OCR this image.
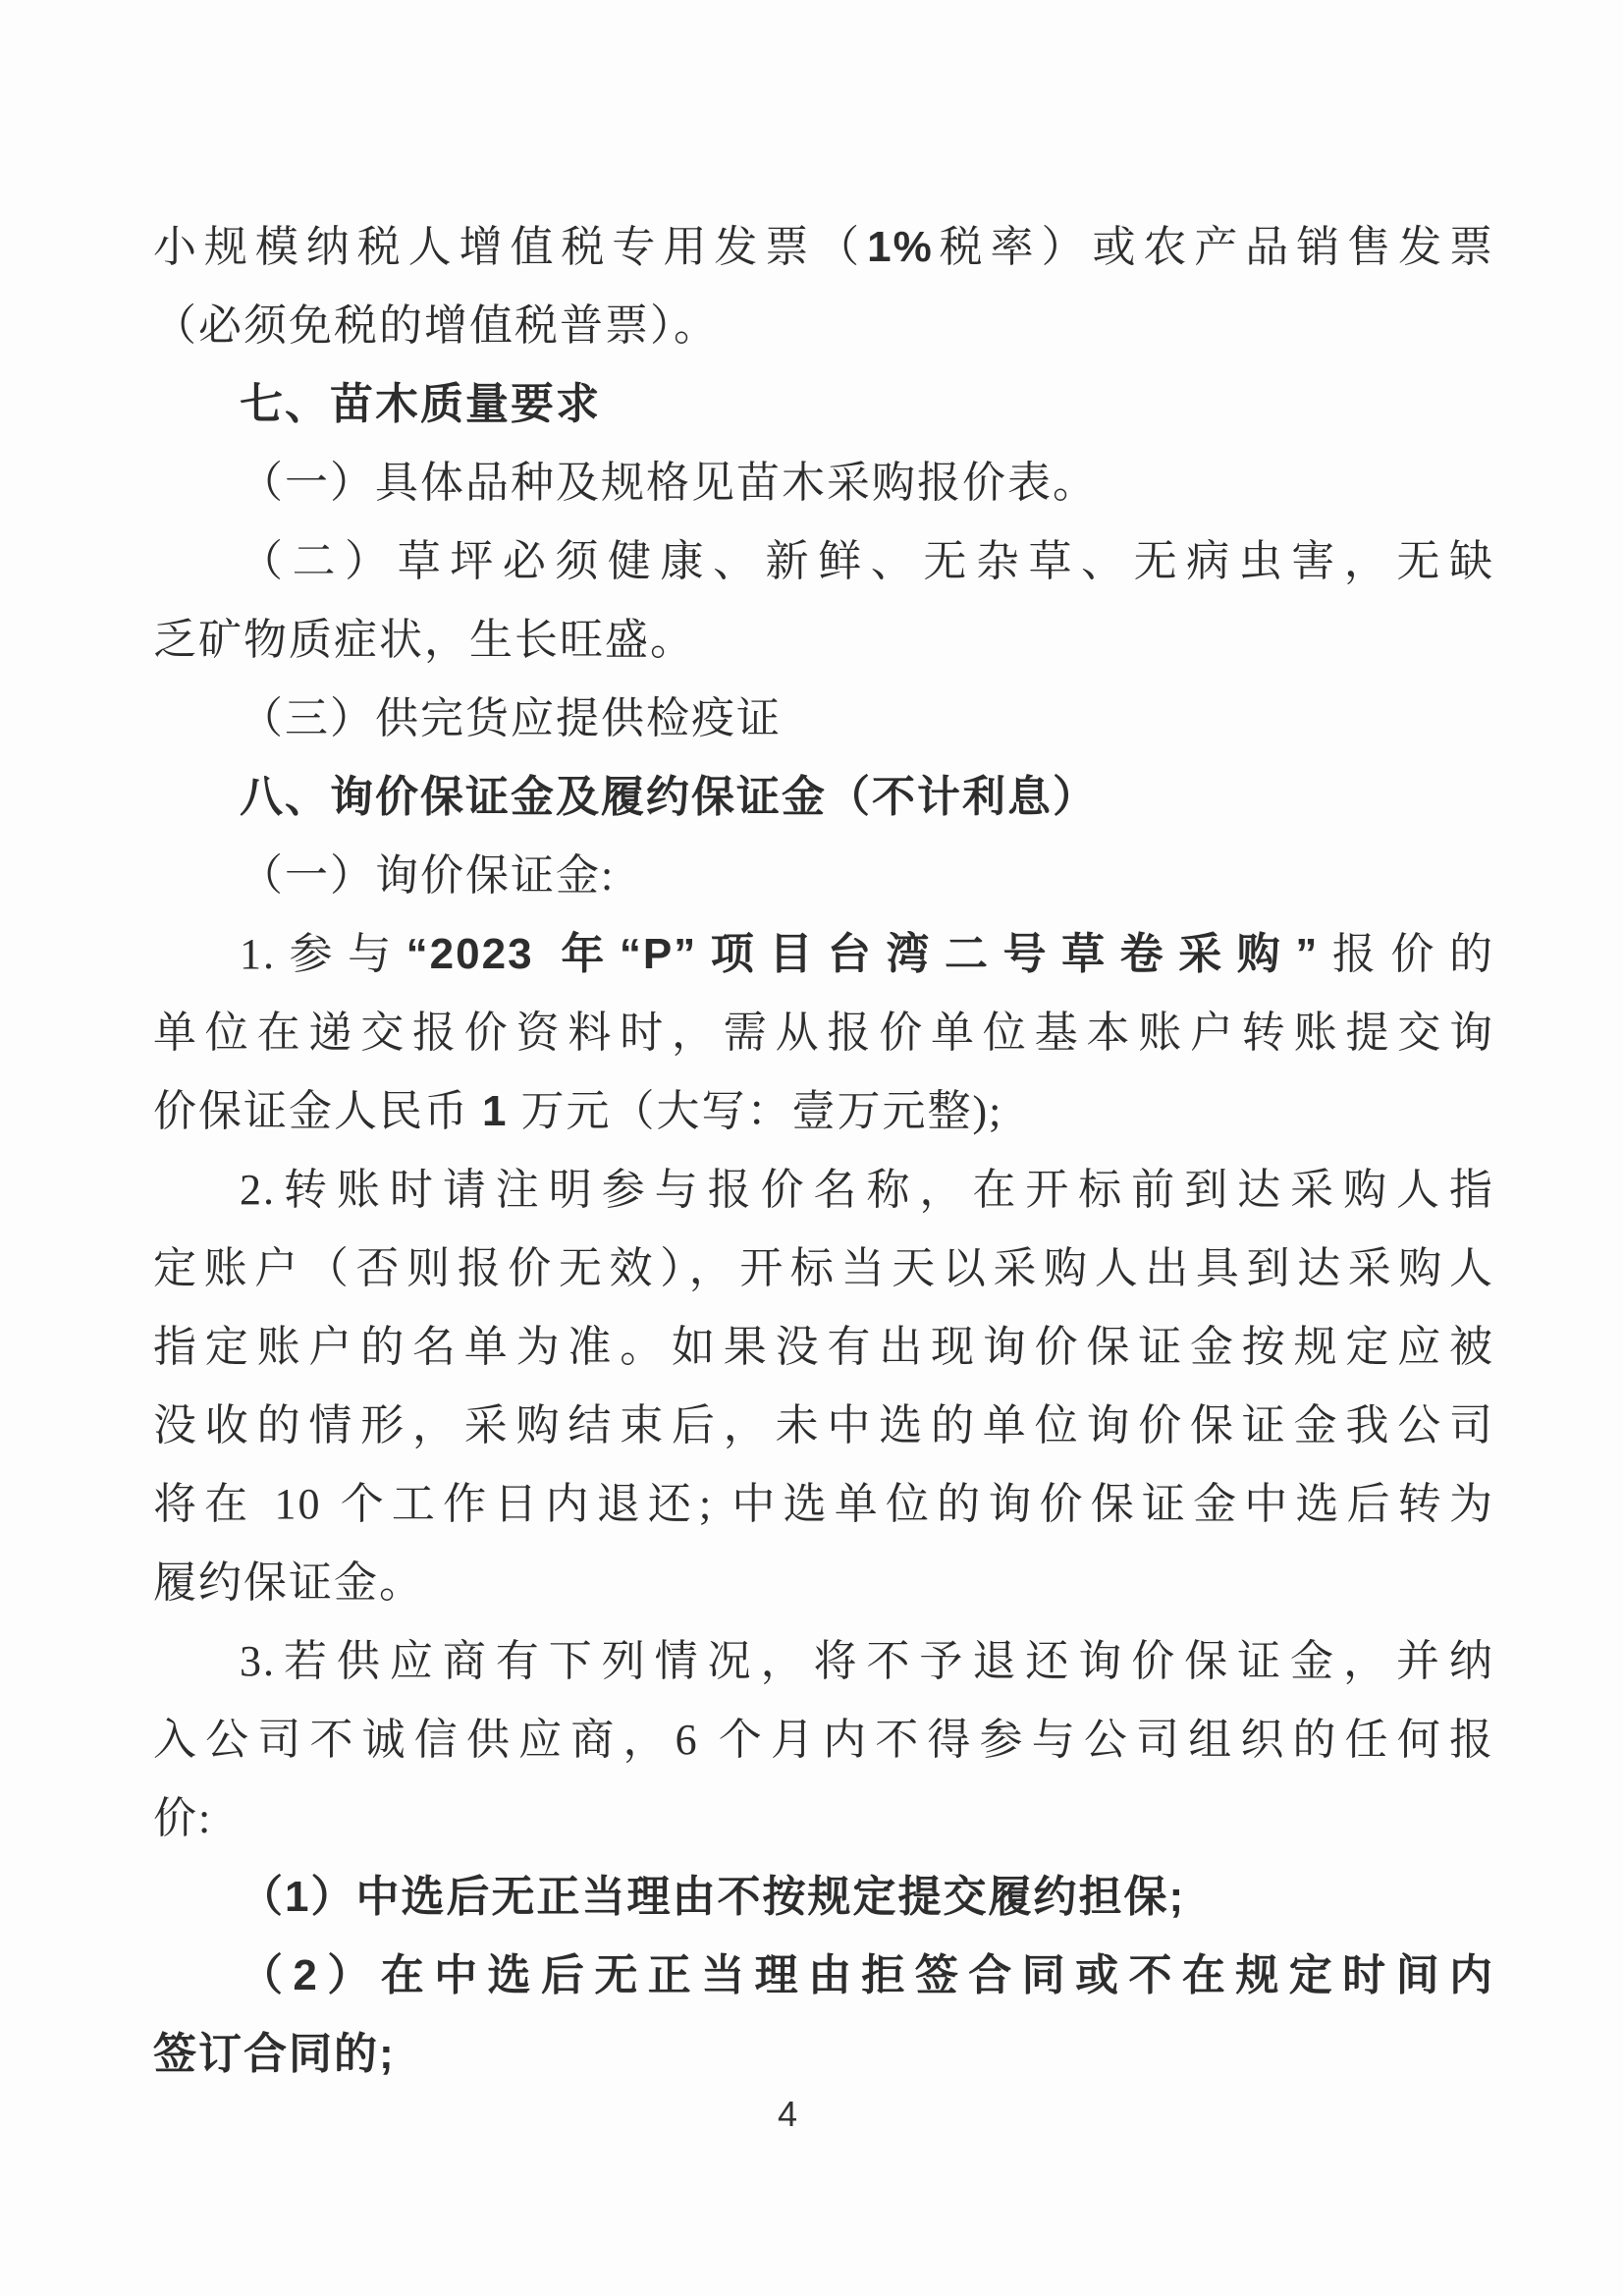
小规模纳税人增值税专用发票（1%税率）或农产品销售发票
（必须免税的增值税普票）。
七、苗木质量要求
（一）具体品种及规格见苗木采购报价表。
（二）草坪必须健康、新鲜、无杂草、无病虫害，无缺
乏矿物质症状，生长旺盛。
（三）供完货应提供检疫证
八、询价保证金及履约保证金（不计利息）
（一）询价保证金:
1.参与“2023 年“P”项目台湾二号草卷采购”报价的
单位在递交报价资料时，需从报价单位基本账户转账提交询
价保证金人民币 1 万元（大写：壹万元整);
2.转账时请注明参与报价名称，在开标前到达采购人指
定账户（否则报价无效），开标当天以采购人出具到达采购人
指定账户的名单为准。如果没有出现询价保证金按规定应被
没收的情形，采购结束后，未中选的单位询价保证金我公司
将在 10 个工作日内退还; 中选单位的询价保证金中选后转为
履约保证金。
3.若供应商有下列情况，将不予退还询价保证金，并纳
入公司不诚信供应商，6 个月内不得参与公司组织的任何报
价:
（1）中选后无正当理由不按规定提交履约担保;
（2）在中选后无正当理由拒签合同或不在规定时间内
签订合同的;
4
